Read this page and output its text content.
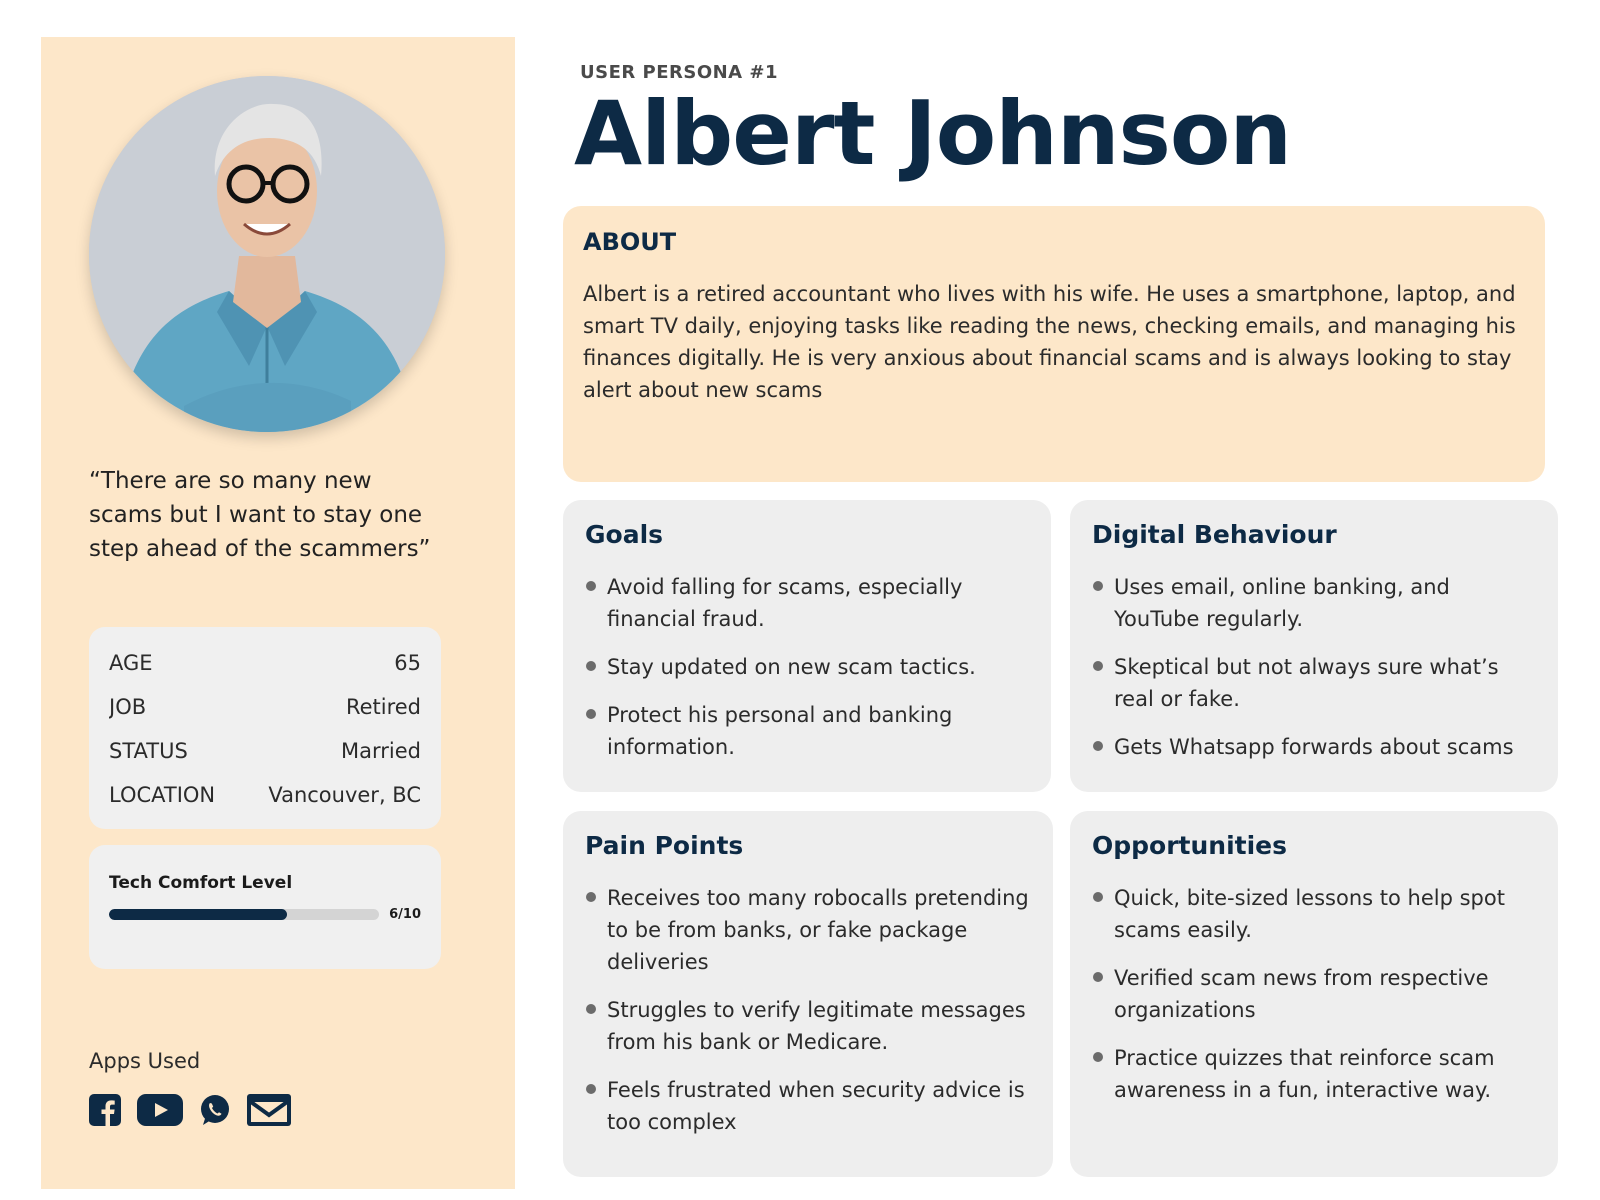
“There are so many new scams but I want to stay one step ahead of the scammers”
AGE	65
JOB	Retired
STATUS	Married
LOCATION	Vancouver, BC
Tech Comfort Level
6/10
Apps Used
USER PERSONA #1
Albert Johnson
ABOUT

Albert is a retired accountant who lives with his wife. He uses a smartphone, laptop, and smart TV daily, enjoying tasks like reading the news, checking emails, and managing his finances digitally. He is very anxious about financial scams and is always looking to stay alert about new scams

Goals
Avoid falling for scams, especially financial fraud.
Stay updated on new scam tactics.
Protect his personal and banking information.
Digital Behaviour
Uses email, online banking, and YouTube regularly.
Skeptical but not always sure what’s real or fake.
Gets Whatsapp forwards about scams
Pain Points
Receives too many robocalls pretending to be from banks, or fake package deliveries
Struggles to verify legitimate messages from his bank or Medicare.
Feels frustrated when security advice is too complex
Opportunities
Quick, bite-sized lessons to help spot scams easily.
Verified scam news from respective organizations
Practice quizzes that reinforce scam awareness in a fun, interactive way.
